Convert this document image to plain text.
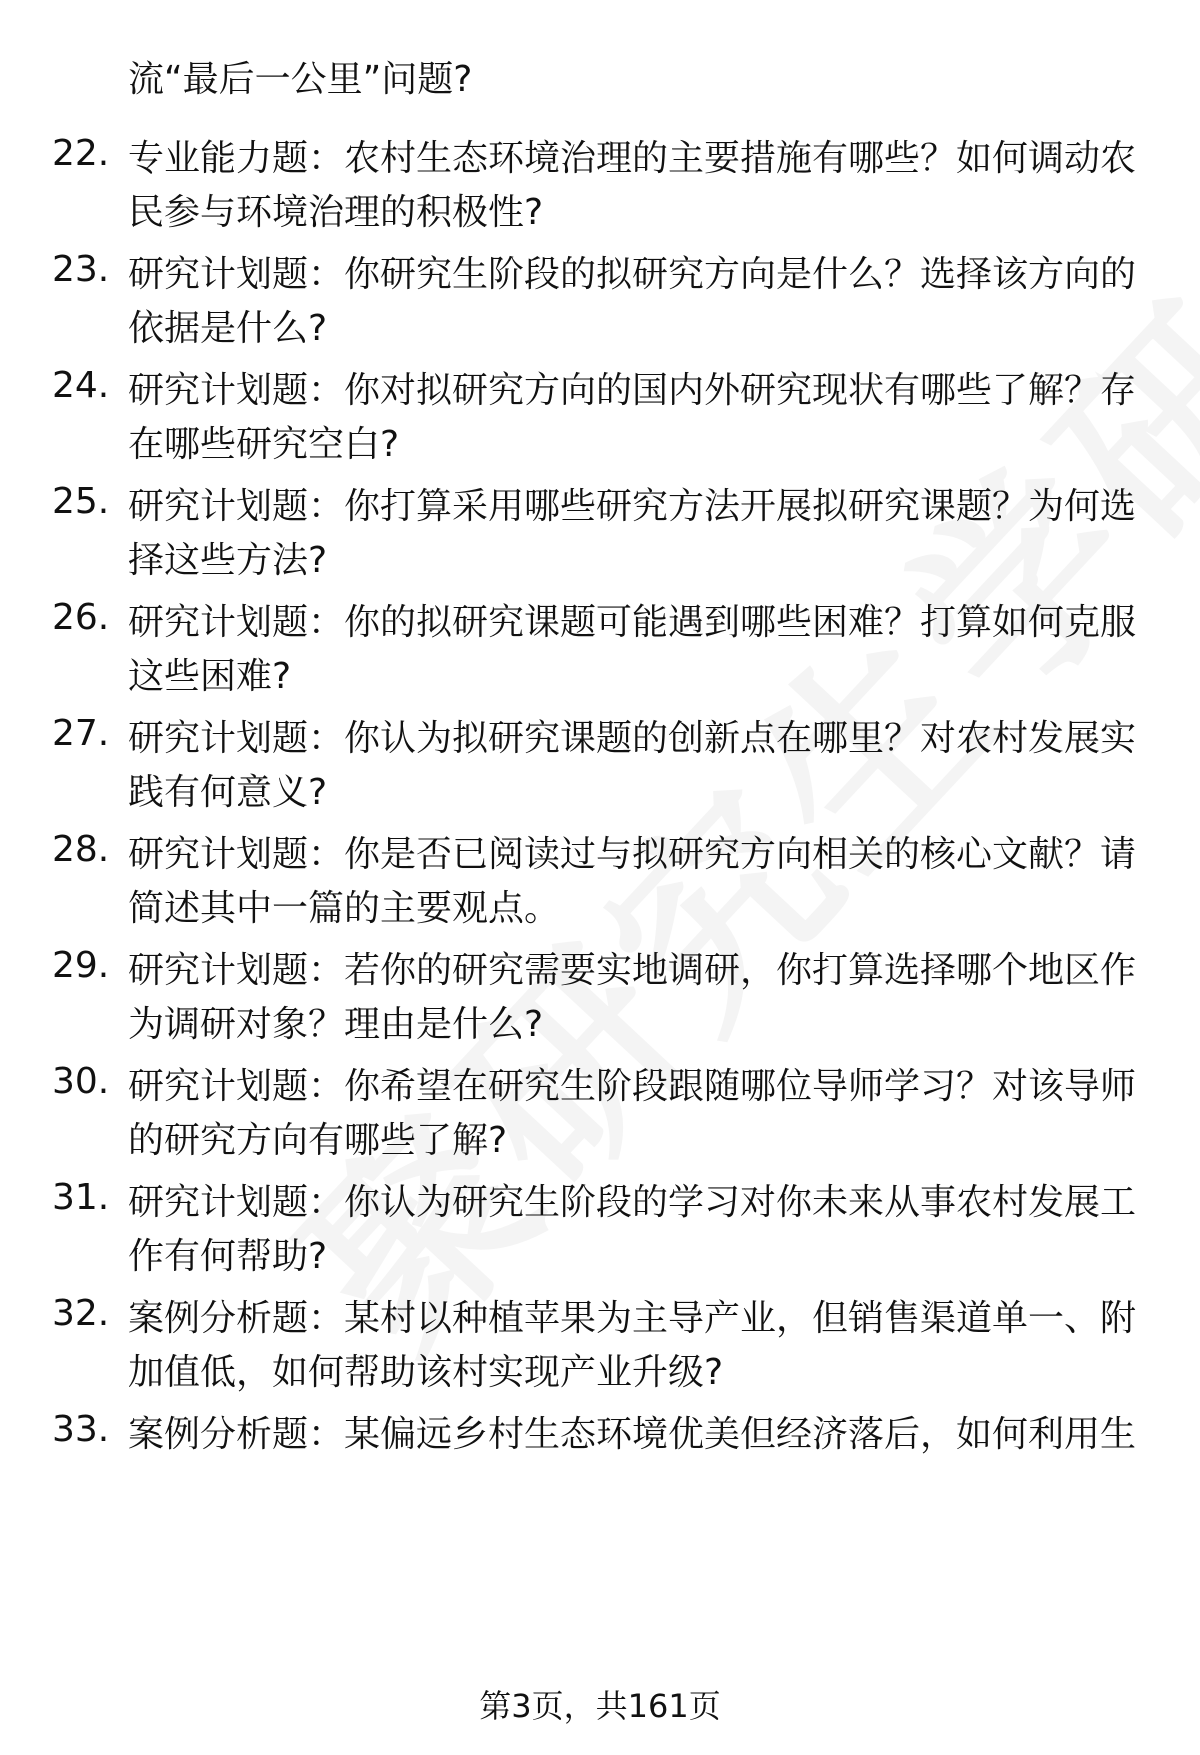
流“最后一公里”问题?
22. 专业能力题：农村生态环境治理的主要措施有哪些？如何调动农
民参与环境治理的积极性?
23. 研究计划题：你研究生阶段的拟研究方向是什么？选择该方向的
依据是什么?
24. 研究计划题：你对拟研究方向的国内外研究现状有哪些了解？存
在哪些研究空白?
25. 研究计划题：你打算采用哪些研究方法开展拟研究课题？为何选
择这些方法?
26. 研究计划题：你的拟研究课题可能遇到哪些困难？打算如何克服
这些困难?
27. 研究计划题：你认为拟研究课题的创新点在哪里？对农村发展实
践有何意义?
28. 研究计划题：你是否已阅读过与拟研究方向相关的核心文献？请
简述其中一篇的主要观点。
29. 研究计划题：若你的研究需要实地调研，你打算选择哪个地区作
为调研对象？理由是什么?
30. 研究计划题：你希望在研究生阶段跟随哪位导师学习？对该导师
的研究方向有哪些了解?
31. 研究计划题：你认为研究生阶段的学习对你未来从事农村发展工
作有何帮助?
32. 案例分析题：某村以种植苹果为主导产业，但销售渠道单一、附
加值低，如何帮助该村实现产业升级?
33. 案例分析题：某偏远乡村生态环境优美但经济落后，如何利用生
第3页，共161页
